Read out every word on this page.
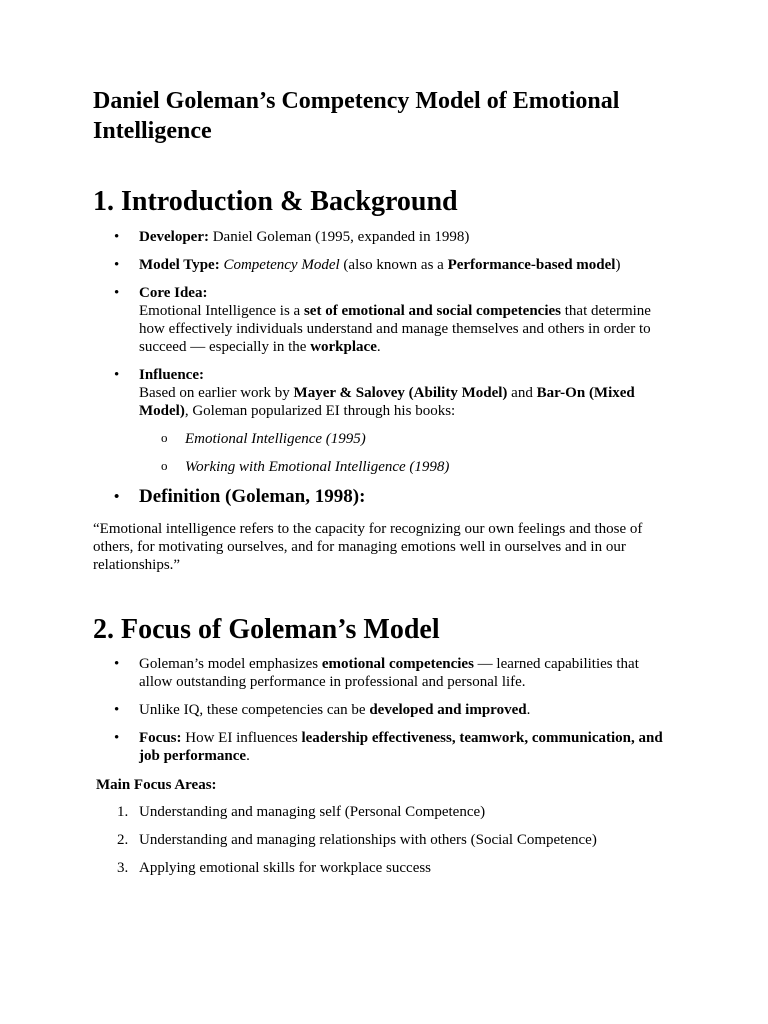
Daniel Goleman’s Competency Model of Emotional Intelligence
1. Introduction & Background
• Developer: Daniel Goleman (1995, expanded in 1998)
• Model Type: Competency Model (also known as a Performance-based model)
• Core Idea:
Emotional Intelligence is a set of emotional and social competencies that determine how effectively individuals understand and manage themselves and others in order to succeed — especially in the workplace.
• Influence:
Based on earlier work by Mayer & Salovey (Ability Model) and Bar-On (Mixed Model), Goleman popularized EI through his books:
o Emotional Intelligence (1995)
o Working with Emotional Intelligence (1998)
• Definition (Goleman, 1998):
“Emotional intelligence refers to the capacity for recognizing our own feelings and those of others, for motivating ourselves, and for managing emotions well in ourselves and in our relationships.”
2. Focus of Goleman’s Model
• Goleman’s model emphasizes emotional competencies — learned capabilities that allow outstanding performance in professional and personal life.
• Unlike IQ, these competencies can be developed and improved.
• Focus: How EI influences leadership effectiveness, teamwork, communication, and job performance.
Main Focus Areas:
1. Understanding and managing self (Personal Competence)
2. Understanding and managing relationships with others (Social Competence)
3. Applying emotional skills for workplace success
